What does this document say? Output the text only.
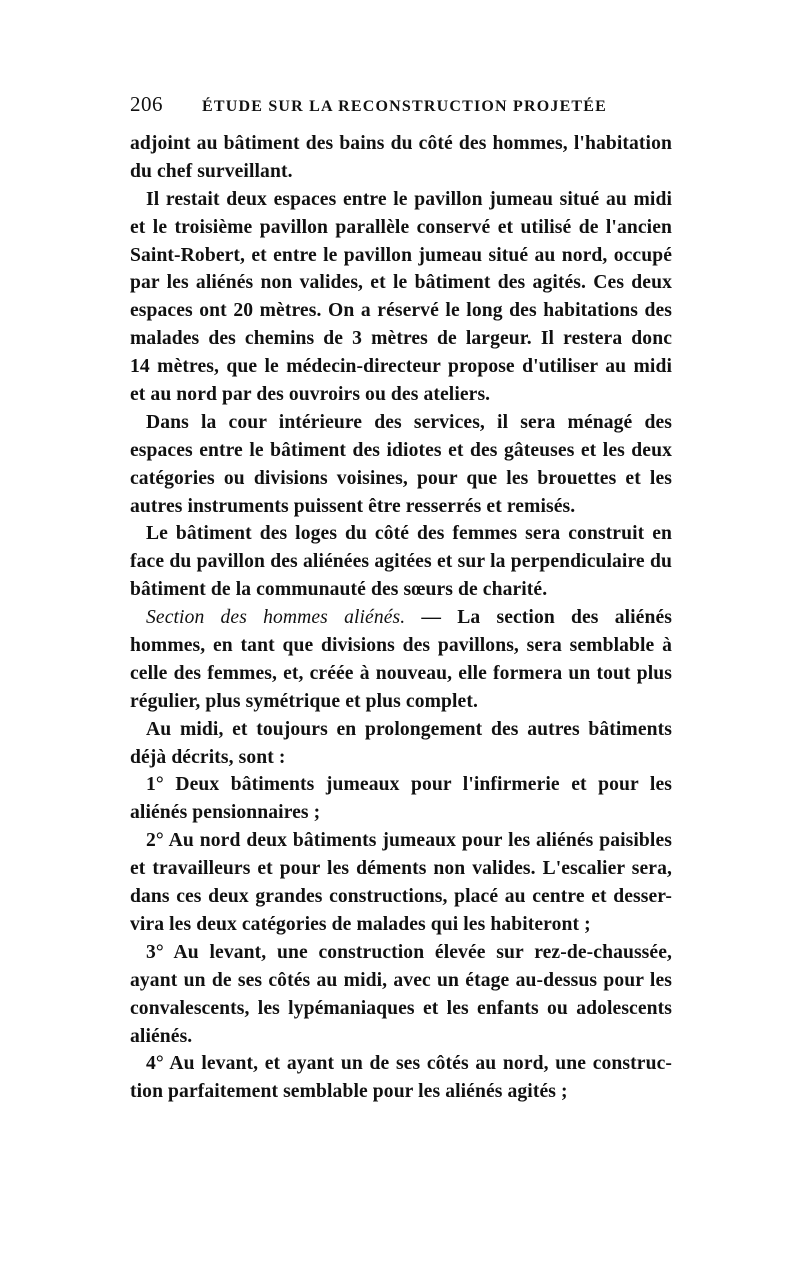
206	ÉTUDE SUR LA RECONSTRUCTION PROJETÉE
adjoint au bâtiment des bains du côté des hommes, l'habitation
du chef surveillant.
Il restait deux espaces entre le pavillon jumeau situé au midi
et le troisième pavillon parallèle conservé et utilisé de l'ancien
Saint-Robert, et entre le pavillon jumeau situé au nord, occupé
par les aliénés non valides, et le bâtiment des agités. Ces deux
espaces ont 20 mètres. On a réservé le long des habitations des
malades des chemins de 3 mètres de largeur. Il restera donc
14 mètres, que le médecin-directeur propose d'utiliser au midi
et au nord par des ouvroirs ou des ateliers.
Dans la cour intérieure des services, il sera ménagé des
espaces entre le bâtiment des idiotes et des gâteuses et les deux
catégories ou divisions voisines, pour que les brouettes et les
autres instruments puissent être resserrés et remisés.
Le bâtiment des loges du côté des femmes sera construit en
face du pavillon des aliénées agitées et sur la perpendiculaire du
bâtiment de la communauté des sœurs de charité.
Section des hommes aliénés. — La section des aliénés
hommes, en tant que divisions des pavillons, sera semblable à
celle des femmes, et, créée à nouveau, elle formera un tout plus
régulier, plus symétrique et plus complet.
Au midi, et toujours en prolongement des autres bâtiments
déjà décrits, sont :
1° Deux bâtiments jumeaux pour l'infirmerie et pour les
aliénés pensionnaires ;
2° Au nord deux bâtiments jumeaux pour les aliénés paisibles
et travailleurs et pour les déments non valides. L'escalier sera,
dans ces deux grandes constructions, placé au centre et desser-
vira les deux catégories de malades qui les habiteront ;
3° Au levant, une construction élevée sur rez-de-chaussée,
ayant un de ses côtés au midi, avec un étage au-dessus pour les
convalescents, les lypémaniaques et les enfants ou adolescents
aliénés.
4° Au levant, et ayant un de ses côtés au nord, une construc-
tion parfaitement semblable pour les aliénés agités ;
